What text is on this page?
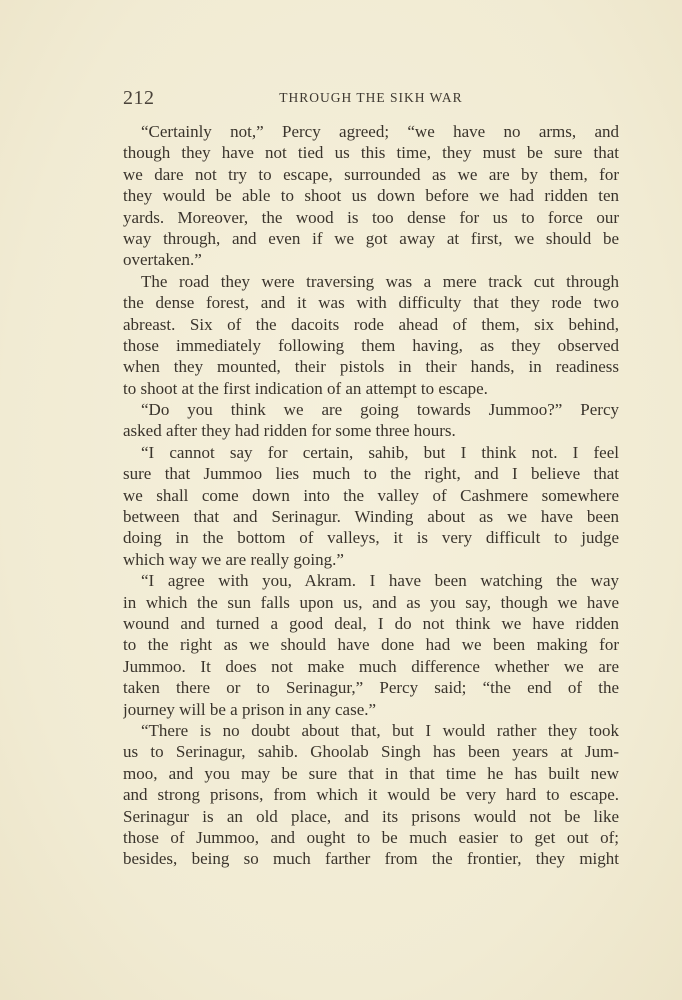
212	THROUGH THE SIKH WAR
“Certainly not,” Percy agreed; “we have no arms, and
though they have not tied us this time, they must be sure that
we dare not try to escape, surrounded as we are by them, for
they would be able to shoot us down before we had ridden ten
yards. Moreover, the wood is too dense for us to force our
way through, and even if we got away at first, we should be
overtaken.”
The road they were traversing was a mere track cut through
the dense forest, and it was with difficulty that they rode two
abreast. Six of the dacoits rode ahead of them, six behind,
those immediately following them having, as they observed
when they mounted, their pistols in their hands, in readiness
to shoot at the first indication of an attempt to escape.
“Do you think we are going towards Jummoo?” Percy
asked after they had ridden for some three hours.
“I cannot say for certain, sahib, but I think not. I feel
sure that Jummoo lies much to the right, and I believe that
we shall come down into the valley of Cashmere somewhere
between that and Serinagur. Winding about as we have been
doing in the bottom of valleys, it is very difficult to judge
which way we are really going.”
“I agree with you, Akram. I have been watching the way
in which the sun falls upon us, and as you say, though we have
wound and turned a good deal, I do not think we have ridden
to the right as we should have done had we been making for
Jummoo. It does not make much difference whether we are
taken there or to Serinagur,” Percy said; “the end of the
journey will be a prison in any case.”
“There is no doubt about that, but I would rather they took
us to Serinagur, sahib. Ghoolab Singh has been years at Jum-
moo, and you may be sure that in that time he has built new
and strong prisons, from which it would be very hard to escape.
Serinagur is an old place, and its prisons would not be like
those of Jummoo, and ought to be much easier to get out of;
besides, being so much farther from the frontier, they might
